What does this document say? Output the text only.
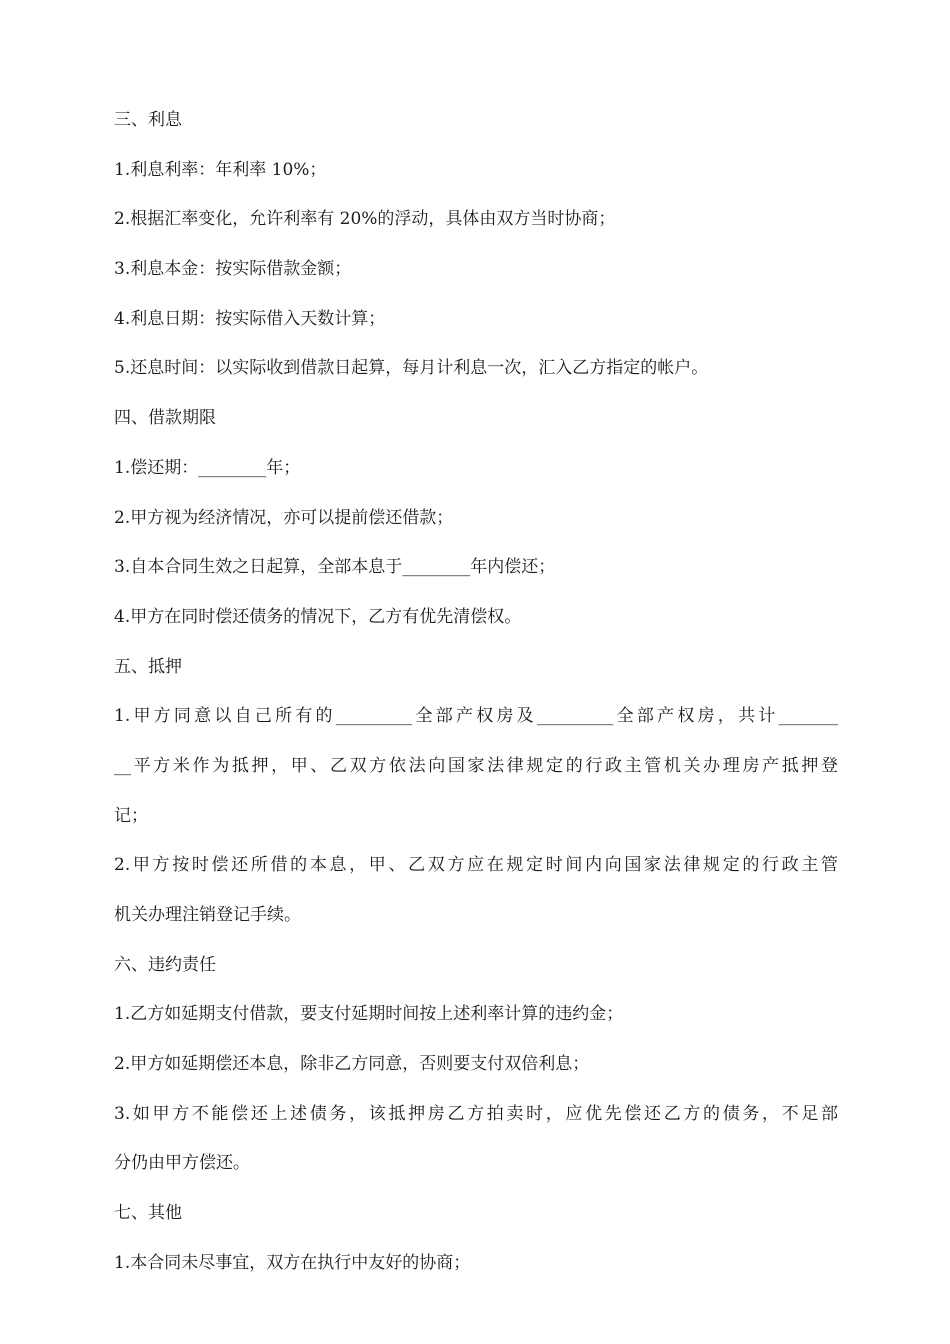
三、利息
1.利息利率：年利率 10%；
2.根据汇率变化，允许利率有 20%的浮动，具体由双方当时协商；
3.利息本金：按实际借款金额；
4.利息日期：按实际借入天数计算；
5.还息时间：以实际收到借款日起算，每月计利息一次，汇入乙方指定的帐户。
四、借款期限
1.偿还期：________年；
2.甲方视为经济情况，亦可以提前偿还借款；
3.自本合同生效之日起算，全部本息于________年内偿还；
4.甲方在同时偿还债务的情况下，乙方有优先清偿权。
五、抵押
1.甲方同意以自己所有的_________全部产权房及_________全部产权房，共计_______
__平方米作为抵押，甲、乙双方依法向国家法律规定的行政主管机关办理房产抵押登
记；
2.甲方按时偿还所借的本息，甲、乙双方应在规定时间内向国家法律规定的行政主管
机关办理注销登记手续。
六、违约责任
1.乙方如延期支付借款，要支付延期时间按上述利率计算的违约金；
2.甲方如延期偿还本息，除非乙方同意，否则要支付双倍利息；
3.如甲方不能偿还上述债务，该抵押房乙方拍卖时，应优先偿还乙方的债务，不足部
分仍由甲方偿还。
七、其他
1.本合同未尽事宜，双方在执行中友好的协商；
